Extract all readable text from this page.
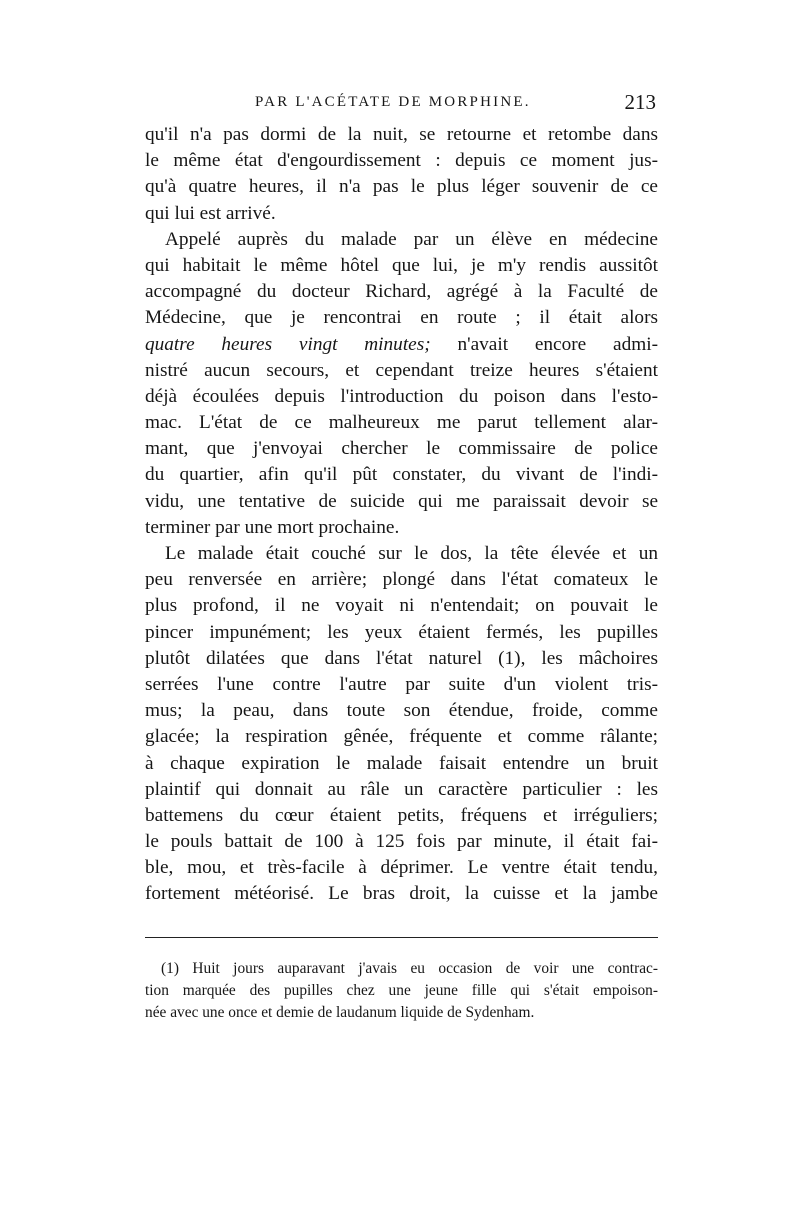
PAR L'ACÉTATE DE MORPHINE.	213
qu'il n'a pas dormi de la nuit, se retourne et retombe dans
le même état d'engourdissement : depuis ce moment jus-
qu'à quatre heures, il n'a pas le plus léger souvenir de ce
qui lui est arrivé.
Appelé auprès du malade par un élève en médecine
qui habitait le même hôtel que lui, je m'y rendis aussitôt
accompagné du docteur Richard, agrégé à la Faculté de
Médecine, que je rencontrai en route ; il était alors
quatre heures vingt minutes; n'avait encore admi-
nistré aucun secours, et cependant treize heures s'étaient
déjà écoulées depuis l'introduction du poison dans l'esto-
mac. L'état de ce malheureux me parut tellement alar-
mant, que j'envoyai chercher le commissaire de police
du quartier, afin qu'il pût constater, du vivant de l'indi-
vidu, une tentative de suicide qui me paraissait devoir se
terminer par une mort prochaine.
Le malade était couché sur le dos, la tête élevée et un
peu renversée en arrière; plongé dans l'état comateux le
plus profond, il ne voyait ni n'entendait; on pouvait le
pincer impunément; les yeux étaient fermés, les pupilles
plutôt dilatées que dans l'état naturel (1), les mâchoires
serrées l'une contre l'autre par suite d'un violent tris-
mus; la peau, dans toute son étendue, froide, comme
glacée; la respiration gênée, fréquente et comme râlante;
à chaque expiration le malade faisait entendre un bruit
plaintif qui donnait au râle un caractère particulier : les
battemens du cœur étaient petits, fréquens et irréguliers;
le pouls battait de 100 à 125 fois par minute, il était fai-
ble, mou, et très-facile à déprimer. Le ventre était tendu,
fortement météorisé. Le bras droit, la cuisse et la jambe
(1) Huit jours auparavant j'avais eu occasion de voir une contrac-
tion marquée des pupilles chez une jeune fille qui s'était empoison-
née avec une once et demie de laudanum liquide de Sydenham.
